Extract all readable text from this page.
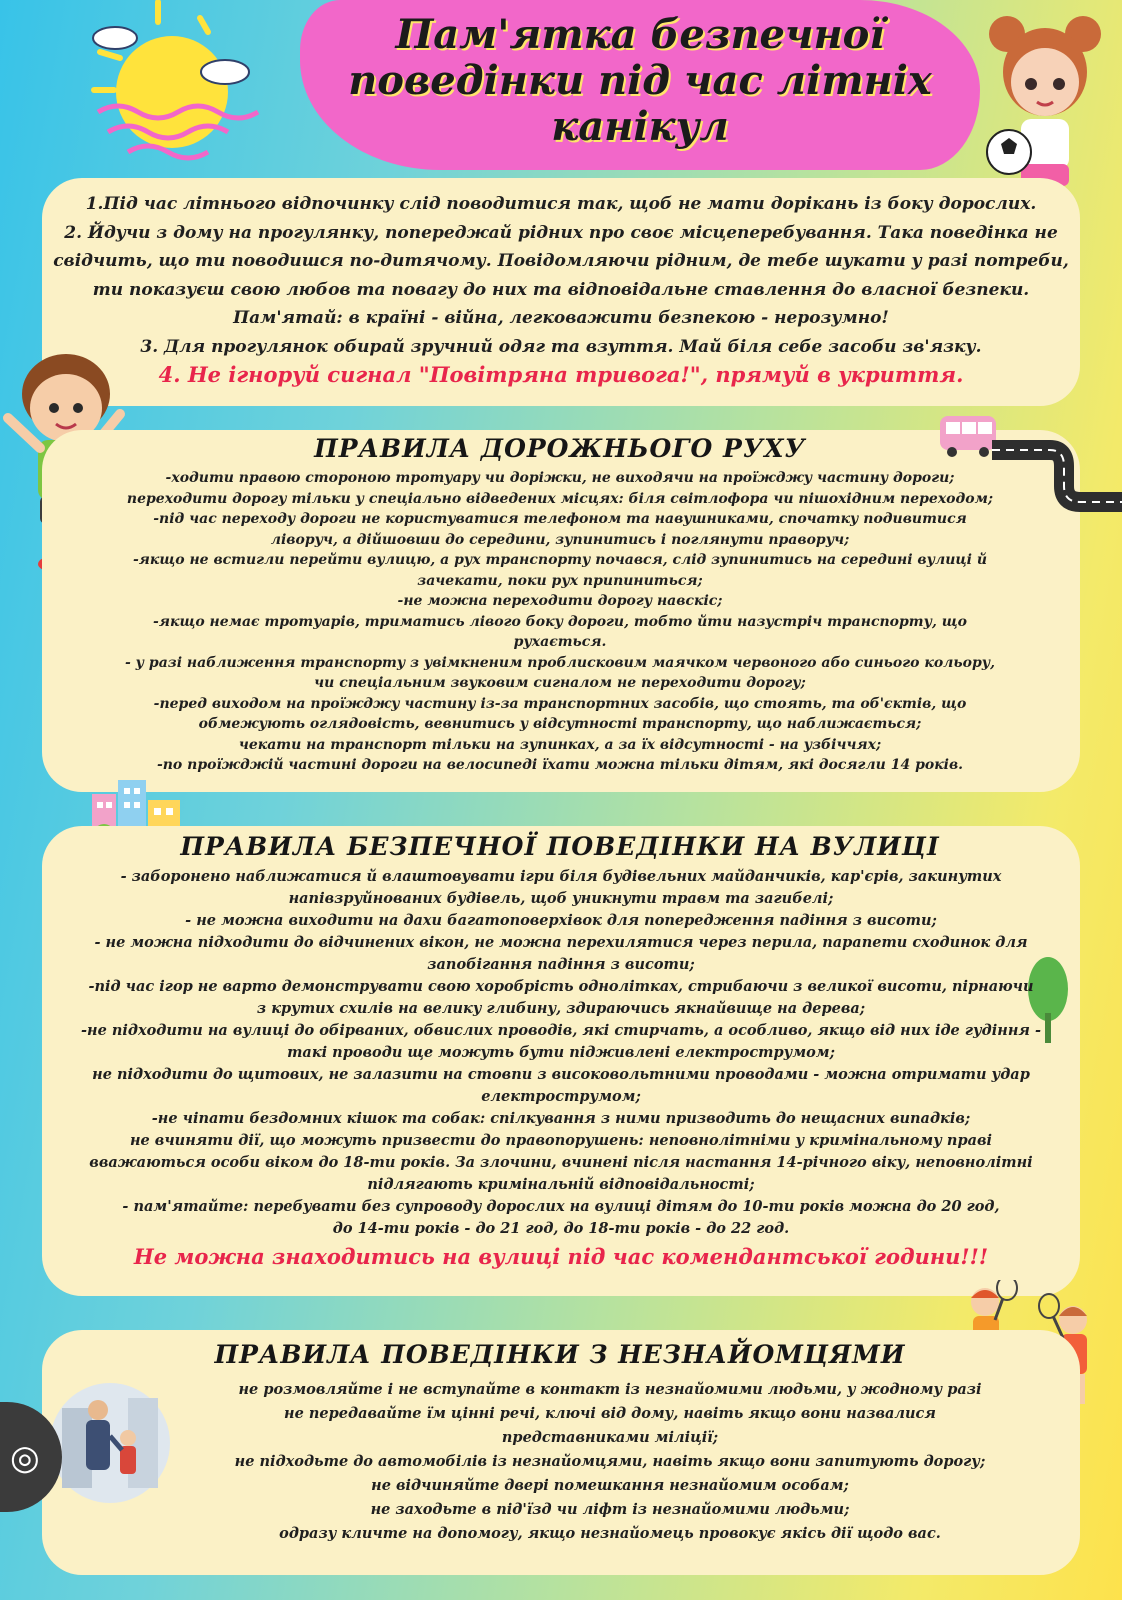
Пам'ятка безпечної
поведінки під час літніх
канікул
1.Під час літнього відпочинку слід поводитися так, щоб не мати дорікань із боку дорослих.
2. Йдучи з дому на прогулянку, попереджай рідних про своє місцеперебування. Така поведінка не
свідчить, що ти поводишся по-дитячому. Повідомляючи рідним, де тебе шукати у разі потреби,
ти показуєш свою любов та повагу до них та відповідальне ставлення до власної безпеки.
Пам'ятай: в країні - війна, легковажити безпекою - нерозумно!
3. Для прогулянок обирай зручний одяг та взуття. Май біля себе засоби зв'язку.
4. Не ігноруй сигнал "Повітряна тривога!", прямуй в укриття.
ПРАВИЛА ДОРОЖНЬОГО РУХУ
-ходити правою стороною тротуару чи доріжки, не виходячи на проїжджу частину дороги;
переходити дорогу тільки у спеціально відведених місцях: біля світлофора чи пішохідним переходом;
-під час переходу дороги не користуватися телефоном та навушниками, спочатку подивитися
ліворуч, а дійшовши до середини, зупинитись і поглянути праворуч;
-якщо не встигли перейти вулицю, а рух транспорту почався, слід зупинитись на середині вулиці й
зачекати, поки рух припиниться;
-не можна переходити дорогу навскіс;
-якщо немає тротуарів, триматись лівого боку дороги, тобто йти назустріч транспорту, що
рухається.
- у разі наближення транспорту з увімкненим проблисковим маячком червоного або синього кольору,
чи спеціальним звуковим сигналом не переходити дорогу;
-перед виходом на проїжджу частину із-за транспортних засобів, що стоять, та об'єктів, що
обмежують оглядовість, вевнитись у відсутності транспорту, що наближається;
чекати на транспорт тільки на зупинках, а за їх відсутності - на узбіччях;
-по проїжджій частині дороги на велосипеді їхати можна тільки дітям, які досягли 14 років.
ПРАВИЛА БЕЗПЕЧНОЇ ПОВЕДІНКИ НА ВУЛИЦІ
- заборонено наближатися й влаштовувати ігри біля будівельних майданчиків, кар'єрів, закинутих
напівзруйнованих будівель, щоб уникнути травм та загибелі;
- не можна виходити на дахи багатоповерхівок для попередження падіння з висоти;
- не можна підходити до відчинених вікон, не можна перехилятися через перила, парапети сходинок для
запобігання падіння з висоти;
-під час ігор не варто демонструвати свою хоробрість однолітках, стрибаючи з великої висоти, пірнаючи
з крутих схилів на велику глибину, здираючись якнайвище на дерева;
-не підходити на вулиці до обірваних, обвислих проводів, які стирчать, а особливо, якщо від них іде гудіння -
такі проводи ще можуть бути підживлені електрострумом;
не підходити до щитових, не залазити на стовпи з високовольтними проводами - можна отримати удар
електрострумом;
-не чіпати бездомних кішок та собак: спілкування з ними призводить до нещасних випадків;
не вчиняти дії, що можуть призвести до правопорушень: неповнолітніми у кримінальному праві
вважаються особи віком до 18-ти років. За злочини, вчинені після настання 14-річного віку, неповнолітні
підлягають кримінальній відповідальності;
- пам'ятайте: перебувати без супроводу дорослих на вулиці дітям до 10-ти років можна до 20 год,
до 14-ти років - до 21 год, до 18-ти років - до 22 год.
Не можна знаходитись на вулиці під час комендантської години!!!
ПРАВИЛА ПОВЕДІНКИ З НЕЗНАЙОМЦЯМИ
не розмовляйте і не вступайте в контакт із незнайомими людьми, у жодному разі
не передавайте їм цінні речі, ключі від дому, навіть якщо вони назвалися
представниками міліції;
не підходьте до автомобілів із незнайомцями, навіть якщо вони запитують дорогу;
не відчиняйте двері помешкання незнайомим особам;
не заходьте в під'їзд чи ліфт із незнайомими людьми;
одразу кличте на допомогу, якщо незнайомець провокує якісь дії щодо вас.
◎
